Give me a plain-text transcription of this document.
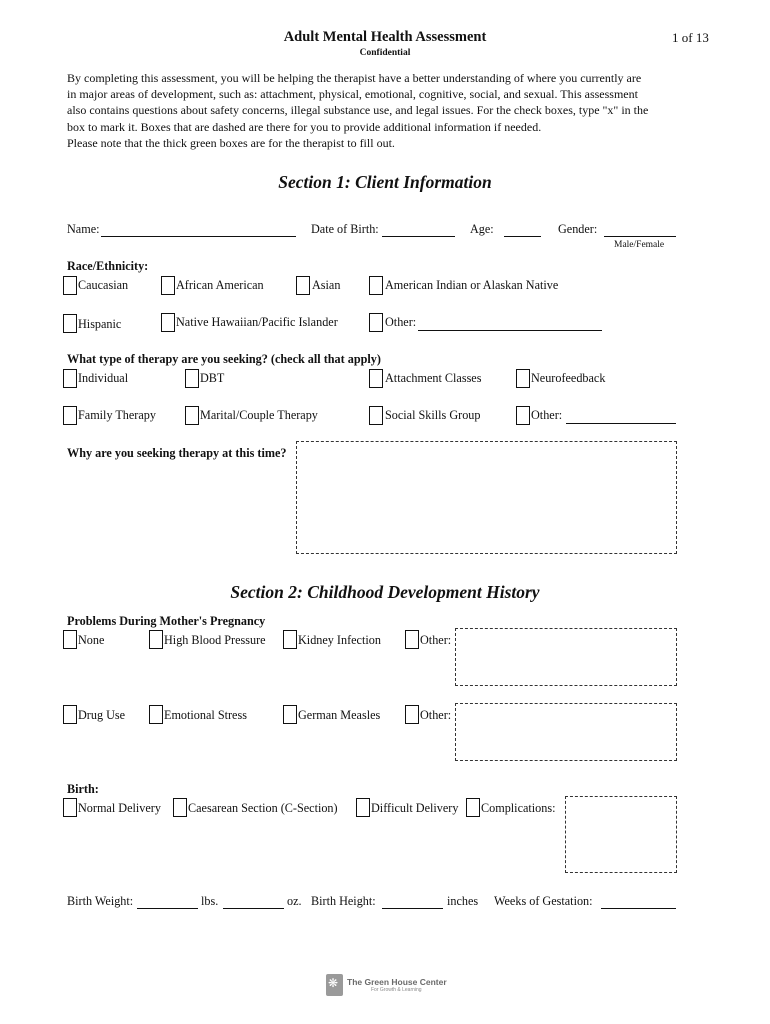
Adult Mental Health Assessment
Confidential
1 of 13

By completing this assessment, you will be helping the therapist have a better understanding of where you currently are

in major areas of development, such as: attachment, physical, emotional, cognitive, social, and sexual. This assessment

also contains questions about safety concerns, illegal substance use, and legal issues. For the check boxes, type "x" in the

box to mark it. Boxes that are dashed are there for you to provide additional information if needed.

Please note that the thick green boxes are for the therapist to fill out.

Section 1: Client Information
Name:	Date of Birth:	Age:	Gender:
Male/Female
Race/Ethnicity:
Caucasian	African American	Asian	American Indian or Alaskan Native
Hispanic	Native Hawaiian/Pacific Islander	Other:
What type of therapy are you seeking? (check all that apply)
Individual	DBT	Attachment Classes	Neurofeedback
Family Therapy	Marital/Couple Therapy	Social Skills Group	Other:
Why are you seeking therapy at this time?
Section 2: Childhood Development History
Problems During Mother's Pregnancy
None	High Blood Pressure	Kidney Infection	Other:
Drug Use	Emotional Stress	German Measles	Other:
Birth:
Normal Delivery Caesarean Section (C-Section)	Difficult Delivery Complications:
Birth Weight:	lbs.	oz. Birth Height:	inches Weeks of Gestation:
❋ The Green House Center
For Growth & Learning
